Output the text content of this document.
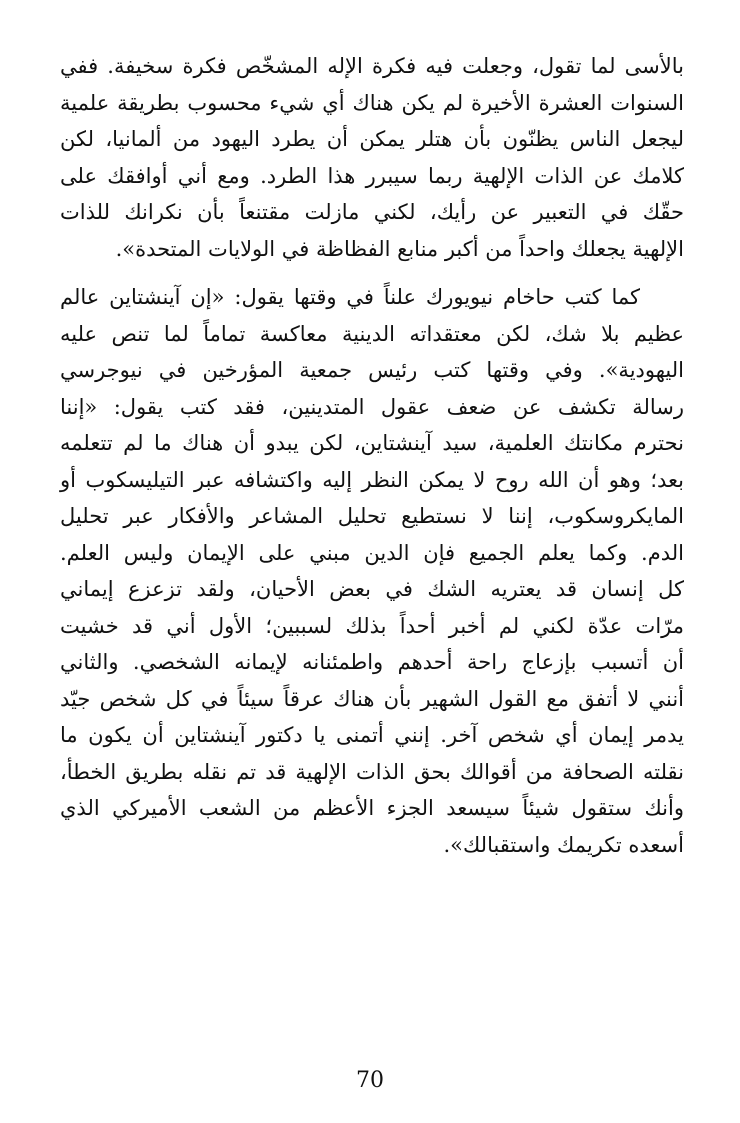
بالأسى لما تقول، وجعلت فيه فكرة الإله المشخّص فكرة سخيفة. ففي
السنوات العشرة الأخيرة لم يكن هناك أي شيء محسوب بطريقة علمية
ليجعل الناس يظنّون بأن هتلر يمكن أن يطرد اليهود من ألمانيا، لكن
كلامك عن الذات الإلهية ربما سيبرر هذا الطرد. ومع أني أوافقك على
حقّك في التعبير عن رأيك، لكني مازلت مقتنعاً بأن نكرانك للذات
الإلهية يجعلك واحداً من أكبر منابع الفظاظة في الولايات المتحدة».
كما كتب حاخام نيويورك علناً في وقتها يقول: «إن آينشتاين عالم
عظيم بلا شك، لكن معتقداته الدينية معاكسة تماماً لما تنص عليه
اليهودية». وفي وقتها كتب رئيس جمعية المؤرخين في نيوجرسي
رسالة تكشف عن ضعف عقول المتدينين، فقد كتب يقول: «إننا
نحترم مكانتك العلمية، سيد آينشتاين، لكن يبدو أن هناك ما لم تتعلمه
بعد؛ وهو أن الله روح لا يمكن النظر إليه واكتشافه عبر التيليسكوب أو
المايكروسكوب، إننا لا نستطيع تحليل المشاعر والأفكار عبر تحليل
الدم. وكما يعلم الجميع فإن الدين مبني على الإيمان وليس العلم.
كل إنسان قد يعتريه الشك في بعض الأحيان، ولقد تزعزع إيماني
مرّات عدّة لكني لم أخبر أحداً بذلك لسببين؛ الأول أني قد خشيت
أن أتسبب بإزعاج راحة أحدهم واطمئنانه لإيمانه الشخصي. والثاني
أنني لا أتفق مع القول الشهير بأن هناك عرقاً سيئاً في كل شخص جيّد
يدمر إيمان أي شخص آخر. إنني أتمنى يا دكتور آينشتاين أن يكون ما
نقلته الصحافة من أقوالك بحق الذات الإلهية قد تم نقله بطريق الخطأ،
وأنك ستقول شيئاً سيسعد الجزء الأعظم من الشعب الأميركي الذي
أسعده تكريمك واستقبالك».
70
